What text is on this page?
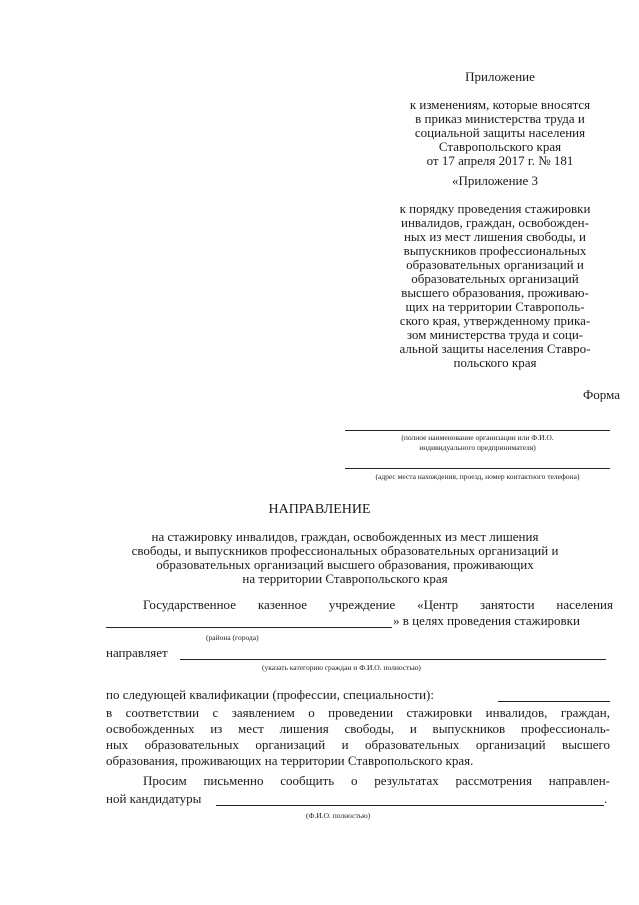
Приложение
к изменениям, которые вносятся
в приказ министерства труда и
социальной защиты населения
Ставропольского края
от 17 апреля 2017 г. № 181
«Приложение 3
к порядку проведения стажировки
инвалидов, граждан, освобожден-
ных из мест лишения свободы, и
выпускников профессиональных
образовательных организаций и
образовательных организаций
высшего образования, проживаю-
щих на территории Ставрополь-
ского края, утвержденному прика-
зом министерства труда и соци-
альной защиты населения Ставро-
польского края
Форма
(полное наименование организации или Ф.И.О.
индивидуального предпринимателя)
(адрес места нахождения, проезд, номер контактного телефона)
НАПРАВЛЕНИЕ
на стажировку инвалидов, граждан, освобожденных из мест лишения
свободы, и выпускников профессиональных образовательных организаций и
образовательных организаций высшего образования, проживающих
на территории Ставропольского края
Государственное казенное учреждение «Центр занятости населения
» в целях проведения стажировки
(района (города)
направляет
(указать категорию граждан и Ф.И.О. полностью)
по следующей квалификации (профессии, специальности):
в соответствии с заявлением о проведении стажировки инвалидов, граждан,
освобожденных из мест лишения свободы, и выпускников профессиональ-
ных образовательных организаций и образовательных организаций высшего
образования, проживающих на территории Ставропольского края.
Просим письменно сообщить о результатах рассмотрения направлен-
ной кандидатуры	.
(Ф.И.О. полностью)
